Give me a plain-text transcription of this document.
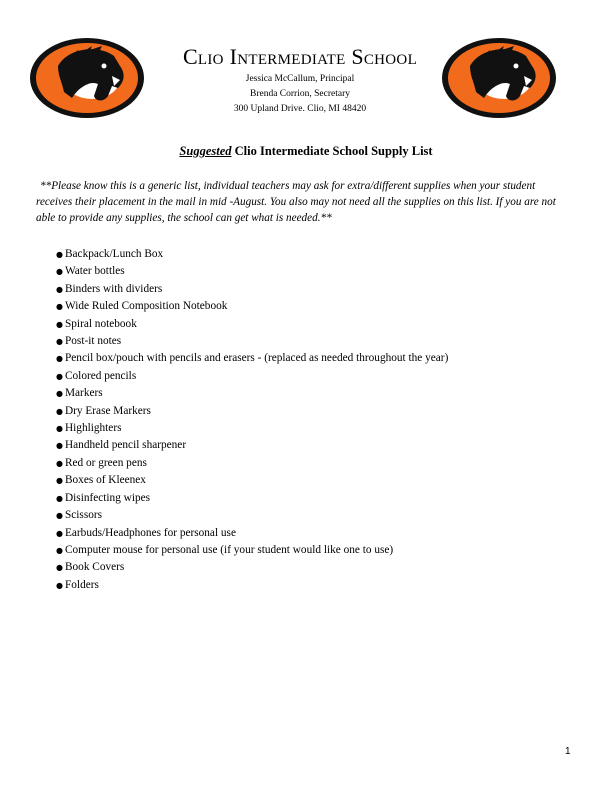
Clio Intermediate School
Jessica McCallum, Principal
Brenda Corrion, Secretary
300 Upland Drive. Clio, MI 48420
Suggested Clio Intermediate School Supply List
**Please know this is a generic list, individual teachers may ask for extra/different supplies when your student receives their placement in the mail in mid -August. You also may not need all the supplies on this list. If you are not able to provide any supplies, the school can get what is needed.**
● Backpack/Lunch Box
● Water bottles
● Binders with dividers
● Wide Ruled Composition Notebook
● Spiral notebook
● Post-it notes
● Pencil box/pouch with pencils and erasers - (replaced as needed throughout the year)
● Colored pencils
● Markers
● Dry Erase Markers
● Highlighters
● Handheld pencil sharpener
● Red or green pens
● Boxes of Kleenex
● Disinfecting wipes
● Scissors
● Earbuds/Headphones for personal use
● Computer mouse for personal use (if your student would like one to use)
● Book Covers
● Folders
1
